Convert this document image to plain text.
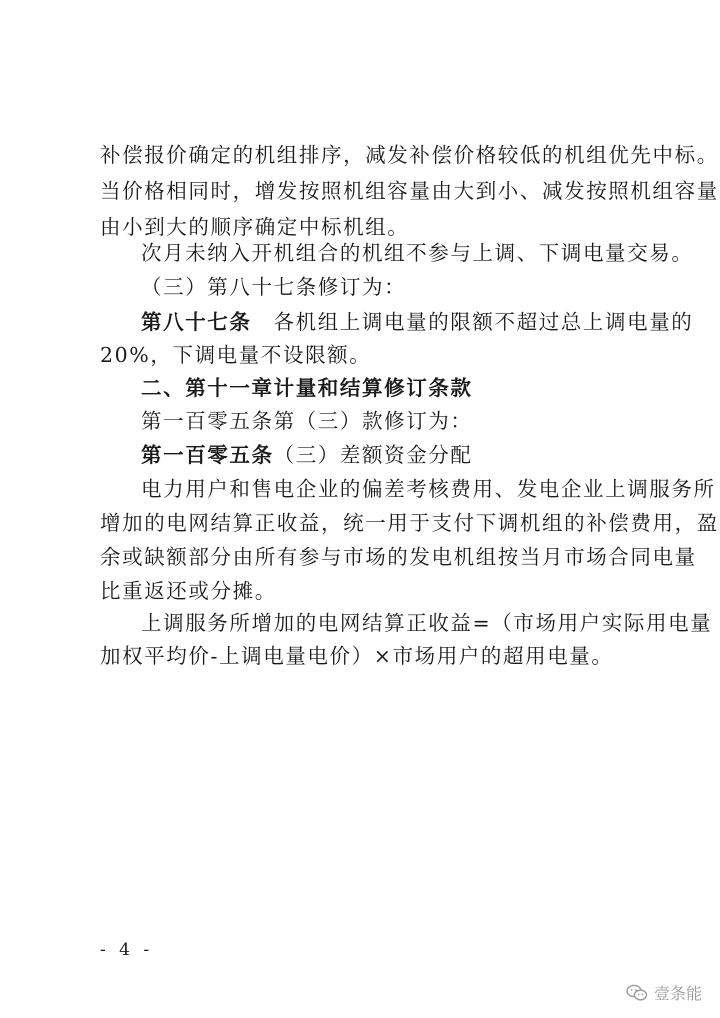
补偿报价确定的机组排序，减发补偿价格较低的机组优先中标。
当价格相同时，增发按照机组容量由大到小、减发按照机组容量
由小到大的顺序确定中标机组。
次月未纳入开机组合的机组不参与上调、下调电量交易。
（三）第八十七条修订为：
第八十七条 各机组上调电量的限额不超过总上调电量的
20%，下调电量不设限额。
二、第十一章计量和结算修订条款
第一百零五条第（三）款修订为：
第一百零五条（三）差额资金分配
电力用户和售电企业的偏差考核费用、发电企业上调服务所
增加的电网结算正收益，统一用于支付下调机组的补偿费用，盈
余或缺额部分由所有参与市场的发电机组按当月市场合同电量
比重返还或分摊。
上调服务所增加的电网结算正收益=（市场用户实际用电量
加权平均价-上调电量电价）×市场用户的超用电量。
- 4 -
壹条能
